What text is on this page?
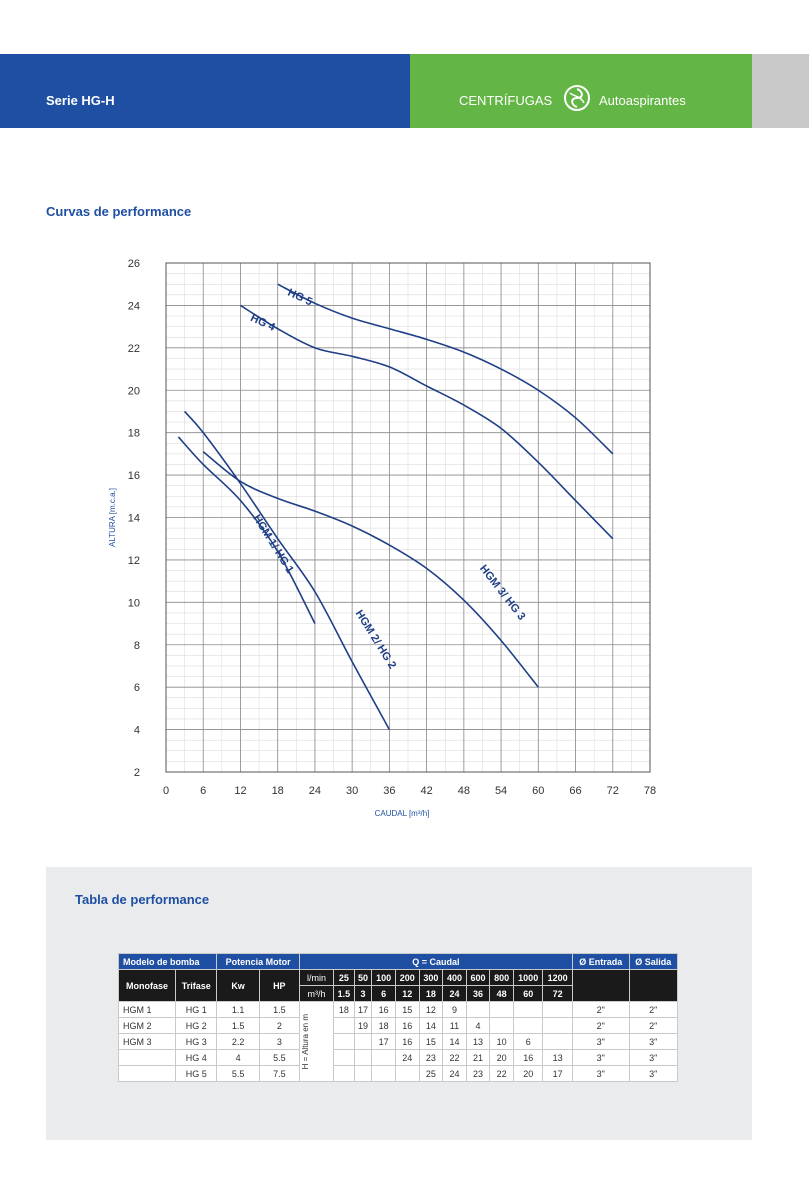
Serie HG-H	CENTRÍFUGAS	Autoaspirantes
Curvas de performance
0	6	12 18 24 30 36 42 48 54 60 66 72 78
2
4
6
8
10
12
14
16
18
20
22
24
26
CAUDAL [m³/h]
ALTURA [m.c.a.]
HG 5
HG 4
HGM 1/ HG 1
HGM 2/ HG 2
HGM 3/ HG 3
Tabla de performance
Modelo de bomba		Potencia Motor		Q = Caudal											Ø Entrada	Ø Salida
Monofase	Trifase	Kw	HP	l/min	25	50	100	200	300	400	600	800	1000	1200		
				m³/h	1.5	3	6	12	18	24	36	48	60	72		
HGM 1	HG 1	1.1	1.5	H = Altura en m	18	17	16	15	12	9					2"	2"
HGM 2	HG 2	1.5	2			19	18	16	14	11	4				2"	2"
HGM 3	HG 3	2.2	3				17	16	15	14	13	10	6		3"	3"
	HG 4	4	5.5					24	23	22	21	20	16	13	3"	3"
	HG 5	5.5	7.5						25	24	23	22	20	17	3"	3"
